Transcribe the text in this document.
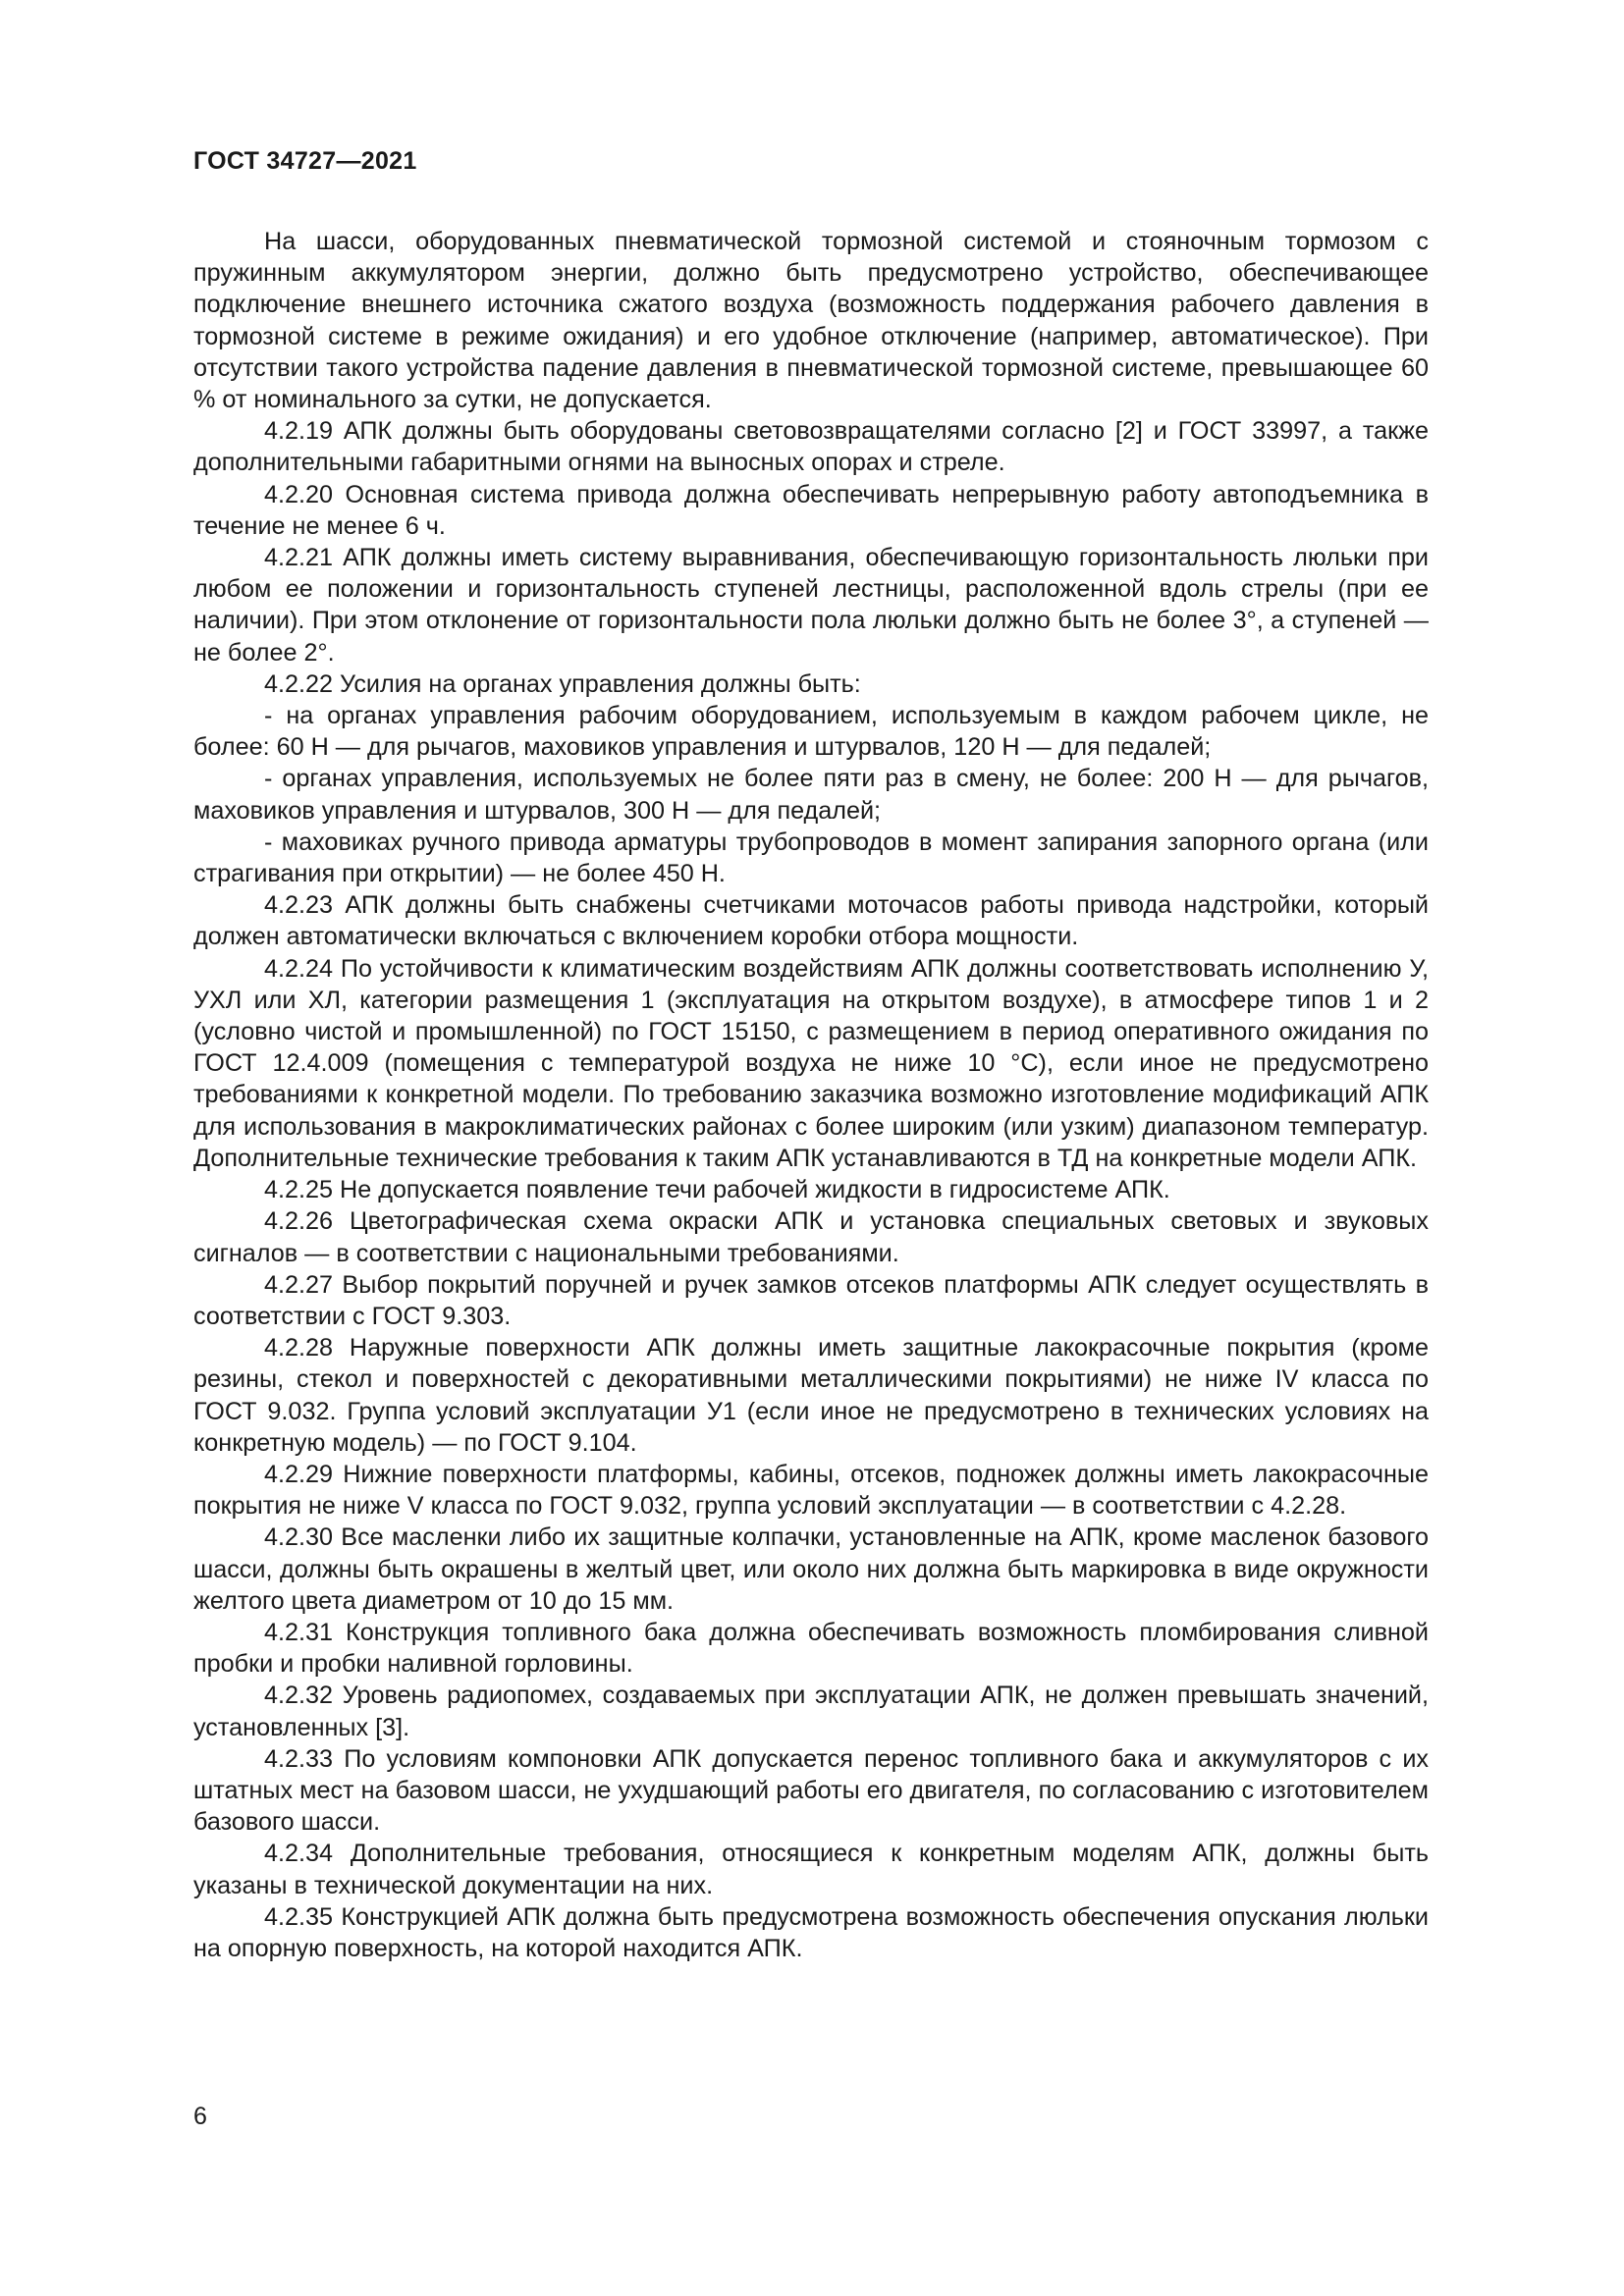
ГОСТ 34727—2021

На шасси, оборудованных пневматической тормозной системой и стояночным тормозом с пружинным аккумулятором энергии, должно быть предусмотрено устройство, обеспечивающее подключение внешнего источника сжатого воздуха (возможность поддержания рабочего давления в тормозной системе в режиме ожидания) и его удобное отключение (например, автоматическое). При отсутствии такого устройства падение давления в пневматической тормозной системе, превышающее 60 % от номинального за сутки, не допускается.

4.2.19 АПК должны быть оборудованы световозвращателями согласно [2] и ГОСТ 33997, а также дополнительными габаритными огнями на выносных опорах и стреле.

4.2.20 Основная система привода должна обеспечивать непрерывную работу автоподъемника в течение не менее 6 ч.

4.2.21 АПК должны иметь систему выравнивания, обеспечивающую горизонтальность люльки при любом ее положении и горизонтальность ступеней лестницы, расположенной вдоль стрелы (при ее наличии). При этом отклонение от горизонтальности пола люльки должно быть не более 3°, а ступеней — не более 2°.

4.2.22 Усилия на органах управления должны быть:

- на органах управления рабочим оборудованием, используемым в каждом рабочем цикле, не более: 60 Н — для рычагов, маховиков управления и штурвалов, 120 Н — для педалей;

- органах управления, используемых не более пяти раз в смену, не более: 200 Н — для рычагов, маховиков управления и штурвалов, 300 Н — для педалей;

- маховиках ручного привода арматуры трубопроводов в момент запирания запорного органа (или страгивания при открытии) — не более 450 Н.

4.2.23 АПК должны быть снабжены счетчиками моточасов работы привода надстройки, который должен автоматически включаться с включением коробки отбора мощности.

4.2.24 По устойчивости к климатическим воздействиям АПК должны соответствовать исполнению У, УХЛ или ХЛ, категории размещения 1 (эксплуатация на открытом воздухе), в атмосфере типов 1 и 2 (условно чистой и промышленной) по ГОСТ 15150, с размещением в период оперативного ожидания по ГОСТ 12.4.009 (помещения с температурой воздуха не ниже 10 °С), если иное не предусмотрено требованиями к конкретной модели. По требованию заказчика возможно изготовление модификаций АПК для использования в макроклиматических районах с более широким (или узким) диапазоном температур. Дополнительные технические требования к таким АПК устанавливаются в ТД на конкретные модели АПК.

4.2.25 Не допускается появление течи рабочей жидкости в гидросистеме АПК.

4.2.26 Цветографическая схема окраски АПК и установка специальных световых и звуковых сигналов — в соответствии с национальными требованиями.

4.2.27 Выбор покрытий поручней и ручек замков отсеков платформы АПК следует осуществлять в соответствии с ГОСТ 9.303.

4.2.28 Наружные поверхности АПК должны иметь защитные лакокрасочные покрытия (кроме резины, стекол и поверхностей с декоративными металлическими покрытиями) не ниже IV класса по ГОСТ 9.032. Группа условий эксплуатации У1 (если иное не предусмотрено в технических условиях на конкретную модель) — по ГОСТ 9.104.

4.2.29 Нижние поверхности платформы, кабины, отсеков, подножек должны иметь лакокрасочные покрытия не ниже V класса по ГОСТ 9.032, группа условий эксплуатации — в соответствии с 4.2.28.

4.2.30 Все масленки либо их защитные колпачки, установленные на АПК, кроме масленок базового шасси, должны быть окрашены в желтый цвет, или около них должна быть маркировка в виде окружности желтого цвета диаметром от 10 до 15 мм.

4.2.31 Конструкция топливного бака должна обеспечивать возможность пломбирования сливной пробки и пробки наливной горловины.

4.2.32 Уровень радиопомех, создаваемых при эксплуатации АПК, не должен превышать значений, установленных [3].

4.2.33 По условиям компоновки АПК допускается перенос топливного бака и аккумуляторов с их штатных мест на базовом шасси, не ухудшающий работы его двигателя, по согласованию с изготовителем базового шасси.

4.2.34 Дополнительные требования, относящиеся к конкретным моделям АПК, должны быть указаны в технической документации на них.

4.2.35 Конструкцией АПК должна быть предусмотрена возможность обеспечения опускания люльки на опорную поверхность, на которой находится АПК.

6
